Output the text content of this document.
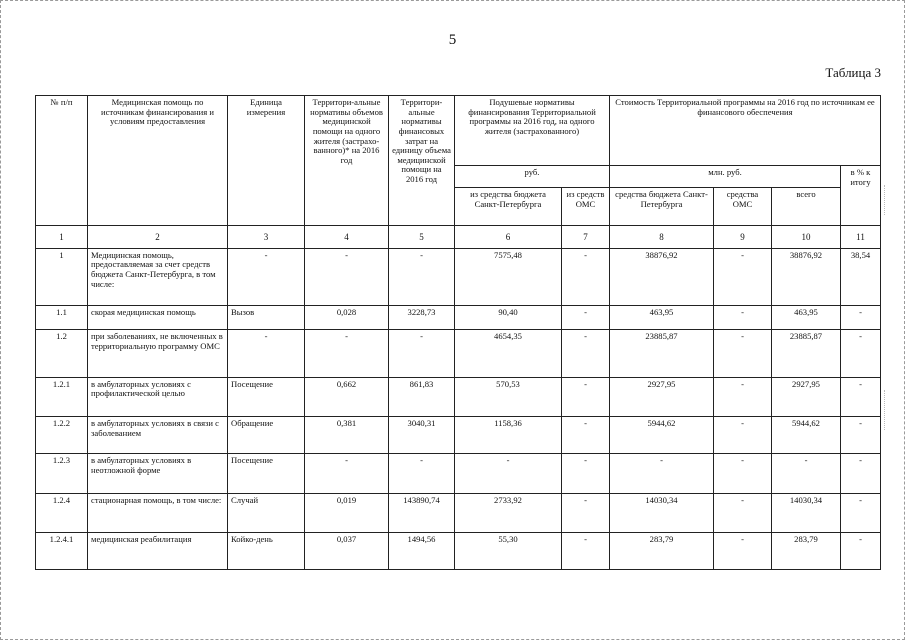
5
Таблица 3
№ п/п	Медицинская помощь по источникам финансирования и условиям предоставления	Единица измерения	Территори-альные нормативы объемов медицинской помощи на одного жителя (застрахо-ванного)* на 2016 год	Территори-альные нормативы финансовых затрат на единицу объема медицинской помощи на 2016 год	Подушевые нормативы финансирования Территориальной программы на 2016 год, на одного жителя (застрахованного)		Стоимость Территориальной программы на 2016 год по источникам ее финансового обеспечения			
					руб.		млн. руб.			в % к итогу
					из средства бюджета Санкт-Петербурга	из средств ОМС	средства бюджета Санкт-Петербурга	средства ОМС	всего	
1	2	3	4	5	6	7	8	9	10	11
1	Медицинская помощь, предоставляемая за счет средств бюджета Санкт-Петербурга, в том числе:	-	-	-	7575,48	-	38876,92	-	38876,92	38,54
1.1	скорая медицинская помощь	Вызов	0,028	3228,73	90,40	-	463,95	-	463,95	-
1.2	при заболеваниях, не включенных в территориальную программу ОМС	-	-	-	4654,35	-	23885,87	-	23885,87	-
1.2.1	в амбулаторных условиях с профилактической целью	Посещение	0,662	861,83	570,53	-	2927,95	-	2927,95	-
1.2.2	в амбулаторных условиях в связи с заболеванием	Обращение	0,381	3040,31	1158,36	-	5944,62	-	5944,62	-
1.2.3	в амбулаторных условиях в неотложной форме	Посещение	-	-	-	-	-	-	-	-
1.2.4	стационарная помощь, в том числе:	Случай	0,019	143890,74	2733,92	-	14030,34	-	14030,34	-
1.2.4.1	медицинская реабилитация	Койко-день	0,037	1494,56	55,30	-	283,79	-	283,79	-
